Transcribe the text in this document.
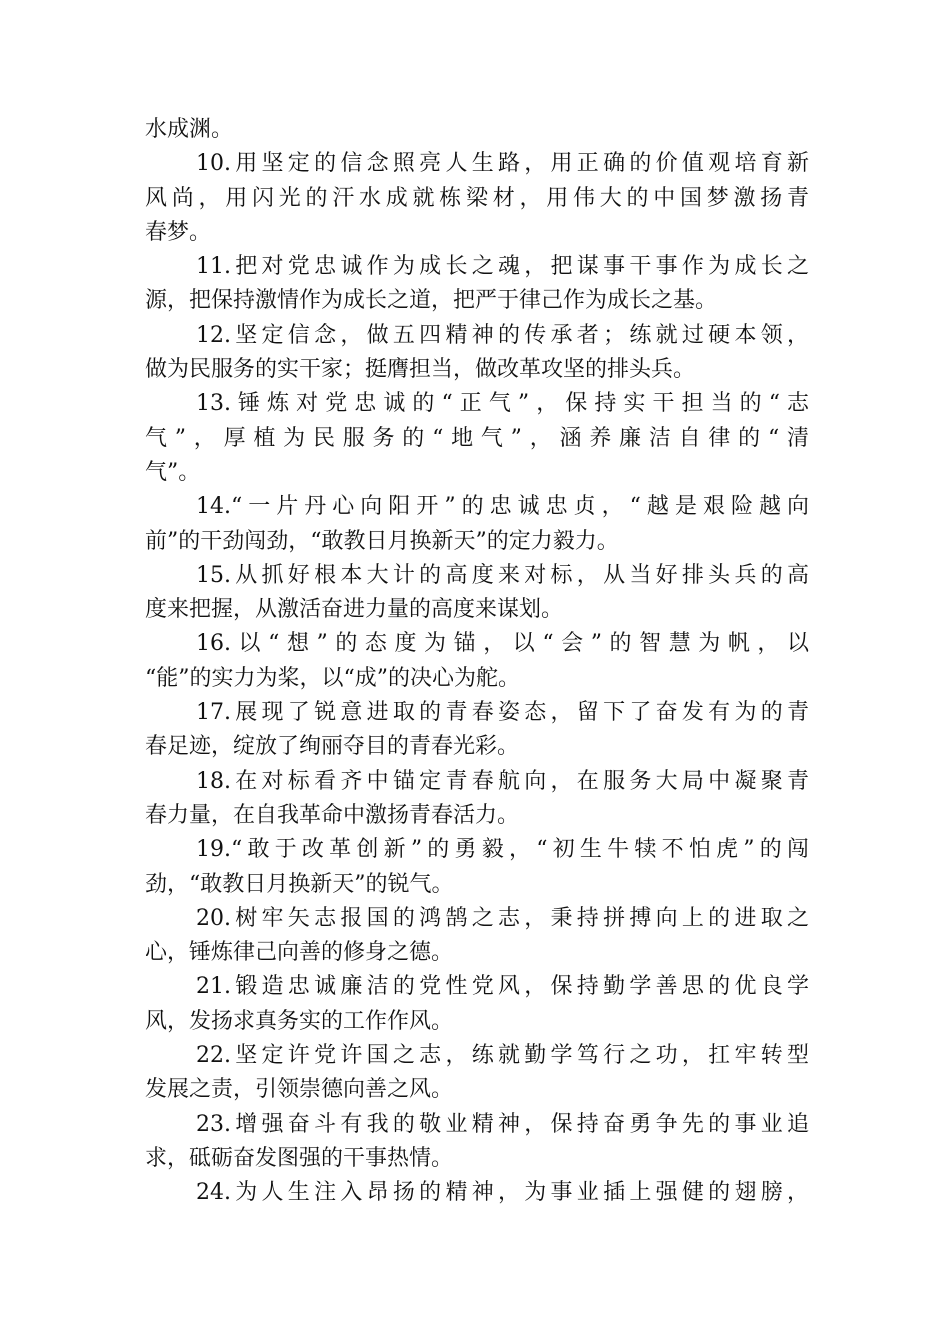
水成渊。
10.用坚定的信念照亮人生路，用正确的价值观培育新
风尚，用闪光的汗水成就栋梁材，用伟大的中国梦激扬青
春梦。
11.把对党忠诚作为成长之魂，把谋事干事作为成长之
源，把保持激情作为成长之道，把严于律己作为成长之基。
12.坚定信念，做五四精神的传承者；练就过硬本领，
做为民服务的实干家；挺膺担当，做改革攻坚的排头兵。
13.锤炼对党忠诚的“正气”，保持实干担当的“志
气”，厚植为民服务的“地气”，涵养廉洁自律的“清
气”。
14.“一片丹心向阳开”的忠诚忠贞，“越是艰险越向
前”的干劲闯劲，“敢教日月换新天”的定力毅力。
15.从抓好根本大计的高度来对标，从当好排头兵的高
度来把握，从激活奋进力量的高度来谋划。
16.以“想”的态度为锚，以“会”的智慧为帆，以
“能”的实力为桨，以“成”的决心为舵。
17.展现了锐意进取的青春姿态，留下了奋发有为的青
春足迹，绽放了绚丽夺目的青春光彩。
18.在对标看齐中锚定青春航向，在服务大局中凝聚青
春力量，在自我革命中激扬青春活力。
19.“敢于改革创新”的勇毅，“初生牛犊不怕虎”的闯
劲，“敢教日月换新天”的锐气。
20.树牢矢志报国的鸿鹄之志，秉持拼搏向上的进取之
心，锤炼律己向善的修身之德。
21.锻造忠诚廉洁的党性党风，保持勤学善思的优良学
风，发扬求真务实的工作作风。
22.坚定许党许国之志，练就勤学笃行之功，扛牢转型
发展之责，引领崇德向善之风。
23.增强奋斗有我的敬业精神，保持奋勇争先的事业追
求，砥砺奋发图强的干事热情。
24.为人生注入昂扬的精神，为事业插上强健的翅膀，
